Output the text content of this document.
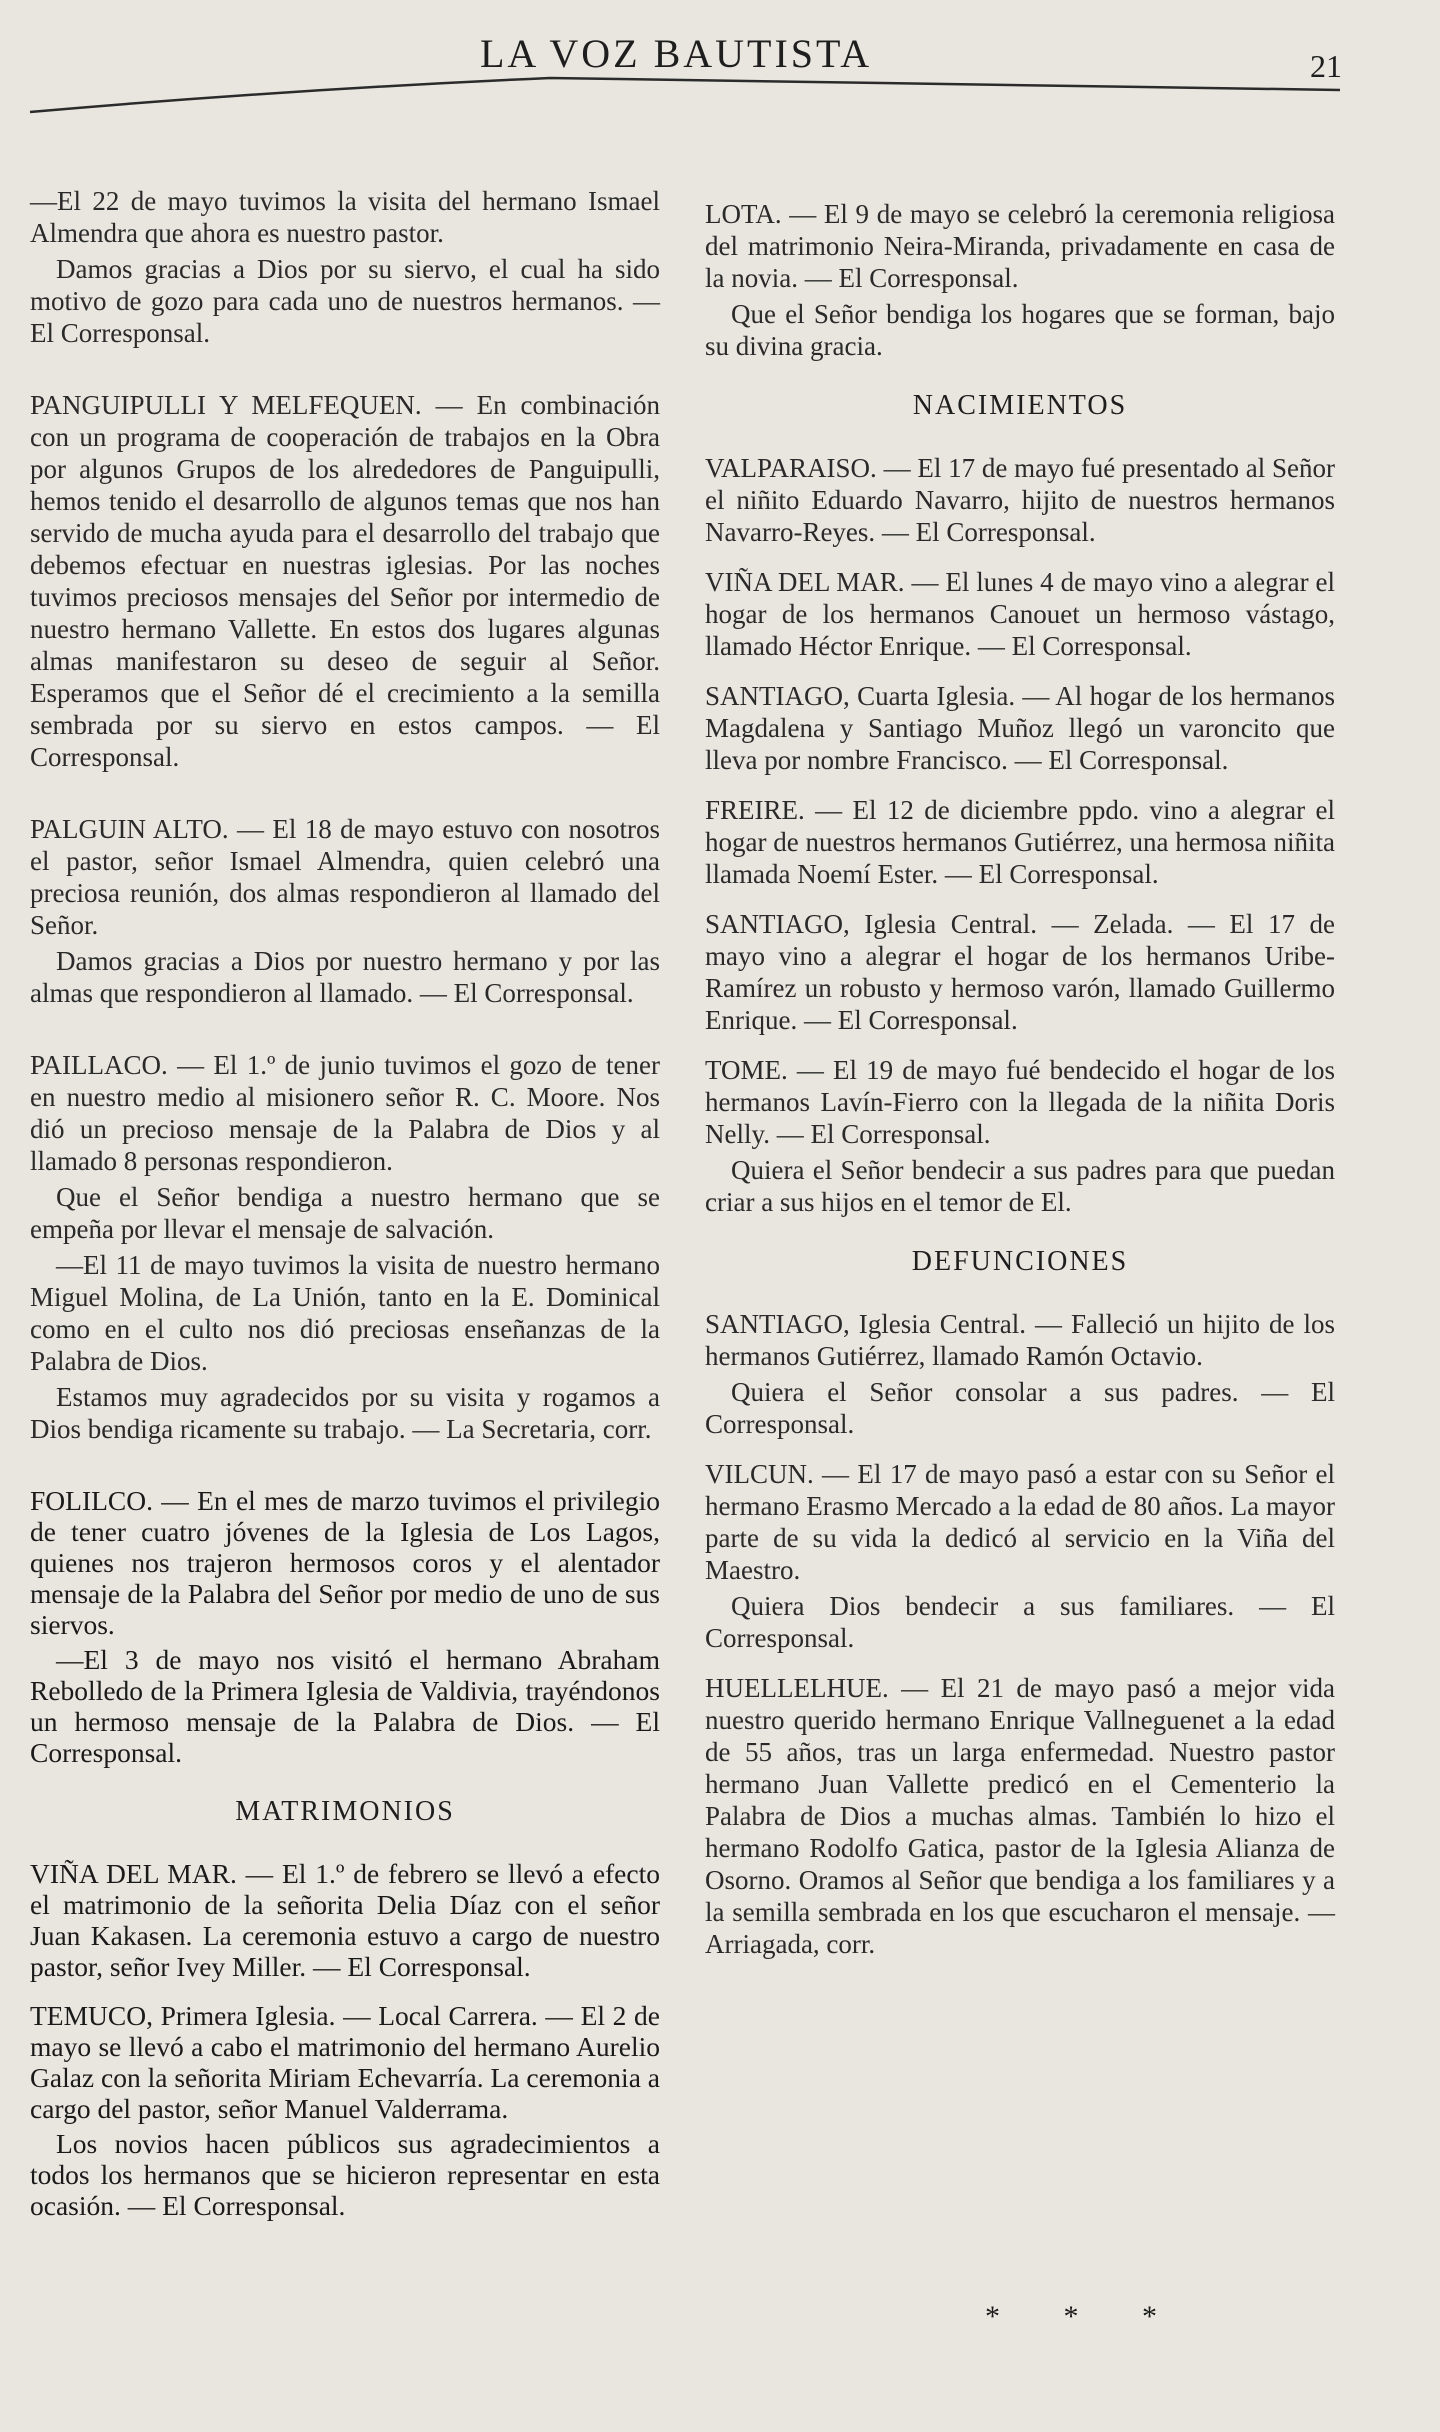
LA VOZ BAUTISTA	21

—El 22 de mayo tuvimos la visita del hermano Ismael Almendra que ahora es nuestro pastor.

Damos gracias a Dios por su siervo, el cual ha sido motivo de gozo para cada uno de nuestros hermanos. — El Corresponsal.

PANGUIPULLI Y MELFEQUEN. — En combinación con un programa de cooperación de trabajos en la Obra por algunos Grupos de los alrededores de Panguipulli, hemos tenido el desarrollo de algunos temas que nos han servido de mucha ayuda para el desarrollo del trabajo que debemos efectuar en nuestras iglesias. Por las noches tuvimos preciosos mensajes del Señor por intermedio de nuestro hermano Vallette. En estos dos lugares algunas almas manifestaron su deseo de seguir al Señor. Esperamos que el Señor dé el crecimiento a la semilla sembrada por su siervo en estos campos. — El Corresponsal.

PALGUIN ALTO. — El 18 de mayo estuvo con nosotros el pastor, señor Ismael Almendra, quien celebró una preciosa reunión, dos almas respondieron al llamado del Señor.

Damos gracias a Dios por nuestro hermano y por las almas que respondieron al llamado. — El Corresponsal.

PAILLACO. — El 1.º de junio tuvimos el gozo de tener en nuestro medio al misionero señor R. C. Moore. Nos dió un precioso mensaje de la Palabra de Dios y al llamado 8 personas respondieron.

Que el Señor bendiga a nuestro hermano que se empeña por llevar el mensaje de salvación.

—El 11 de mayo tuvimos la visita de nuestro hermano Miguel Molina, de La Unión, tanto en la E. Dominical como en el culto nos dió preciosas enseñanzas de la Palabra de Dios.

Estamos muy agradecidos por su visita y rogamos a Dios bendiga ricamente su trabajo. — La Secretaria, corr.

FOLILCO. — En el mes de marzo tuvimos el privilegio de tener cuatro jóvenes de la Iglesia de Los Lagos, quienes nos trajeron hermosos coros y el alentador mensaje de la Palabra del Señor por medio de uno de sus siervos.

—El 3 de mayo nos visitó el hermano Abraham Rebolledo de la Primera Iglesia de Valdivia, trayéndonos un hermoso mensaje de la Palabra de Dios. — El Corresponsal.

MATRIMONIOS

VIÑA DEL MAR. — El 1.º de febrero se llevó a efecto el matrimonio de la señorita Delia Díaz con el señor Juan Kakasen. La ceremonia estuvo a cargo de nuestro pastor, señor Ivey Miller. — El Corresponsal.

TEMUCO, Primera Iglesia. — Local Carrera. — El 2 de mayo se llevó a cabo el matrimonio del hermano Aurelio Galaz con la señorita Miriam Echevarría. La ceremonia a cargo del pastor, señor Manuel Valderrama.

Los novios hacen públicos sus agradecimientos a todos los hermanos que se hicieron representar en esta ocasión. — El Corresponsal.

LOTA. — El 9 de mayo se celebró la ceremonia religiosa del matrimonio Neira-Miranda, privadamente en casa de la novia. — El Corresponsal.

Que el Señor bendiga los hogares que se forman, bajo su divina gracia.

NACIMIENTOS

VALPARAISO. — El 17 de mayo fué presentado al Señor el niñito Eduardo Navarro, hijito de nuestros hermanos Navarro-Reyes. — El Corresponsal.

VIÑA DEL MAR. — El lunes 4 de mayo vino a alegrar el hogar de los hermanos Canouet un hermoso vástago, llamado Héctor Enrique. — El Corresponsal.

SANTIAGO, Cuarta Iglesia. — Al hogar de los hermanos Magdalena y Santiago Muñoz llegó un varoncito que lleva por nombre Francisco. — El Corresponsal.

FREIRE. — El 12 de diciembre ppdo. vino a alegrar el hogar de nuestros hermanos Gutiérrez, una hermosa niñita llamada Noemí Ester. — El Corresponsal.

SANTIAGO, Iglesia Central. — Zelada. — El 17 de mayo vino a alegrar el hogar de los hermanos Uribe-Ramírez un robusto y hermoso varón, llamado Guillermo Enrique. — El Corresponsal.

TOME. — El 19 de mayo fué bendecido el hogar de los hermanos Lavín-Fierro con la llegada de la niñita Doris Nelly. — El Corresponsal.

Quiera el Señor bendecir a sus padres para que puedan criar a sus hijos en el temor de El.

DEFUNCIONES

SANTIAGO, Iglesia Central. — Falleció un hijito de los hermanos Gutiérrez, llamado Ramón Octavio.

Quiera el Señor consolar a sus padres. — El Corresponsal.

VILCUN. — El 17 de mayo pasó a estar con su Señor el hermano Erasmo Mercado a la edad de 80 años. La mayor parte de su vida la dedicó al servicio en la Viña del Maestro.

Quiera Dios bendecir a sus familiares. — El Corresponsal.

HUELLELHUE. — El 21 de mayo pasó a mejor vida nuestro querido hermano Enrique Vallneguenet a la edad de 55 años, tras un larga enfermedad. Nuestro pastor hermano Juan Vallette predicó en el Cementerio la Palabra de Dios a muchas almas. También lo hizo el hermano Rodolfo Gatica, pastor de la Iglesia Alianza de Osorno. Oramos al Señor que bendiga a los familiares y a la semilla sembrada en los que escucharon el mensaje. — Arriagada, corr.

* * *
